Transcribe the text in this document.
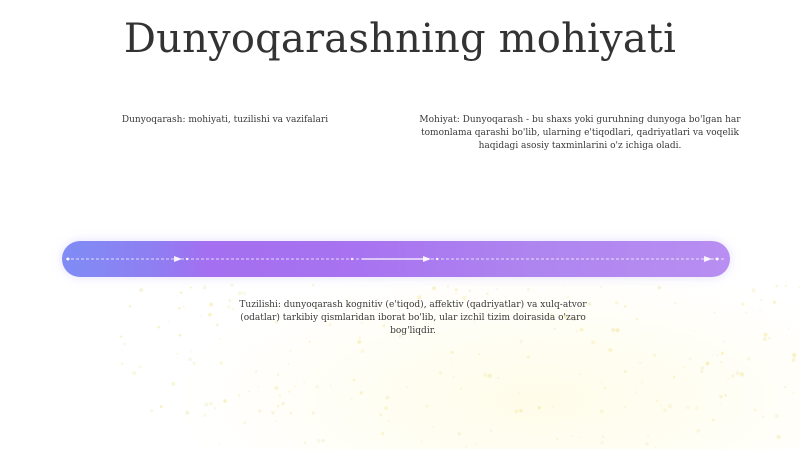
Dunyoqarashning mohiyati

Dunyoqarash: mohiyati, tuzilishi va vazifalari	Mohiyat: Dunyoqarash - bu shaxs yoki guruhning dunyoga bo'lgan har tomonlama qarashi bo'lib, ularning e'tiqodlari, qadriyatlari va voqelik haqidagi asosiy taxminlarini o'z ichiga oladi.

Tuzilishi: dunyoqarash kognitiv (e'tiqod), affektiv (qadriyatlar) va xulq-atvor (odatlar) tarkibiy qismlaridan iborat bo'lib, ular izchil tizim doirasida o'zaro bog'liqdir.
